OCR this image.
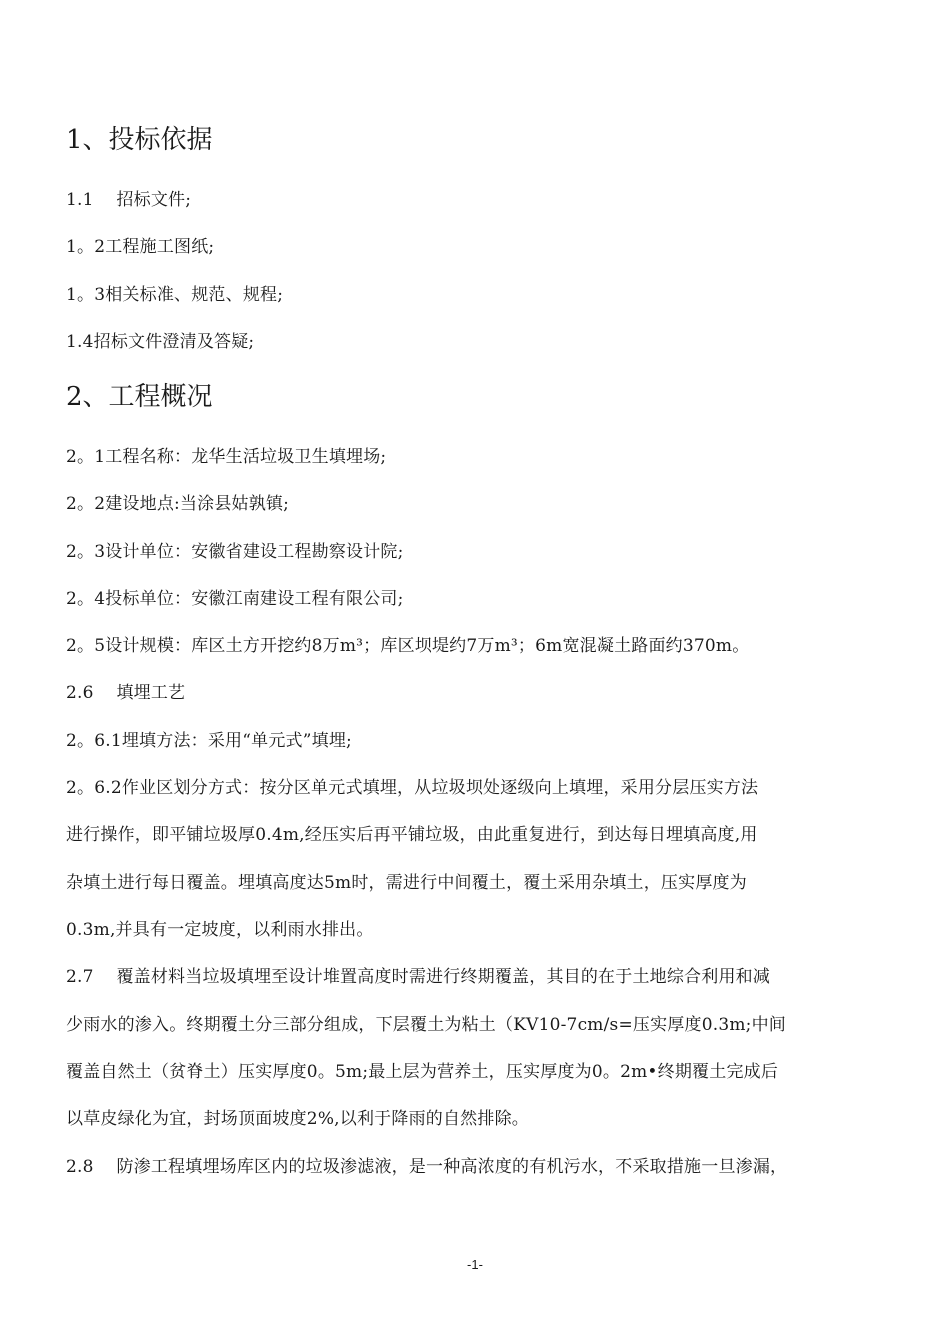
1、投标依据
1.1　 招标文件;
1。2工程施工图纸;
1。3相关标准、规范、规程;
1.4招标文件澄清及答疑;
2、工程概况
2。1工程名称：龙华生活垃圾卫生填埋场;
2。2建设地点:当涂县姑孰镇;
2。3设计单位：安徽省建设工程勘察设计院;
2。4投标单位：安徽江南建设工程有限公司;
2。5设计规模：库区土方开挖约8万m³；库区坝堤约7万m³；6m宽混凝土路面约370m。
2.6　 填埋工艺
2。6.1埋填方法：采用“单元式”填埋;
2。6.2作业区划分方式：按分区单元式填埋，从垃圾坝处逐级向上填埋，采用分层压实方法
进行操作，即平铺垃圾厚0.4m,经压实后再平铺垃圾，由此重复进行，到达每日埋填高度,用
杂填土进行每日覆盖。埋填高度达5m时，需进行中间覆土，覆土采用杂填土，压实厚度为
0.3m,并具有一定坡度，以利雨水排出。
2.7　 覆盖材料当垃圾填埋至设计堆置高度时需进行终期覆盖，其目的在于土地综合利用和减
少雨水的渗入。终期覆土分三部分组成，下层覆土为粘土（KV10-7cm/s=压实厚度0.3m;中间
覆盖自然土（贫脊土）压实厚度0。5m;最上层为营养土，压实厚度为0。2m•终期覆土完成后
以草皮绿化为宜，封场顶面坡度2%,以利于降雨的自然排除。
2.8　 防渗工程填埋场库区内的垃圾渗滤液，是一种高浓度的有机污水，不采取措施一旦渗漏，
-1-
